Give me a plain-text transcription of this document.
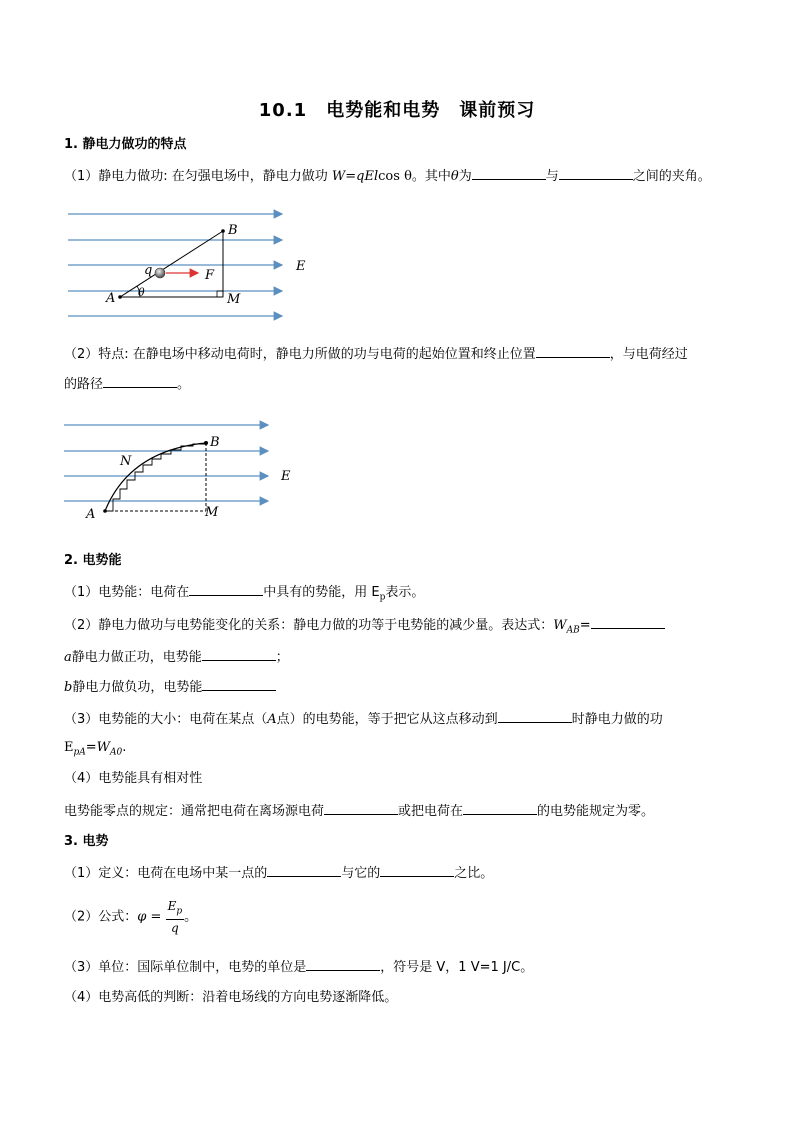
10.1　电势能和电势　课前预习
1. 静电力做功的特点
（1）静电力做功: 在匀强电场中，静电力做功 W=qElcos θ。其中θ为	与	之间的夹角。
B
q	F
E
A θ	M
（2）特点: 在静电场中移动电荷时，静电力所做的功与电荷的起始位置和终止位置	，与电荷经过
的路径	。
B
N
E
A	M
2. 电势能
（1）电势能：电荷在	中具有的势能，用 $E_p$表示。
（2）静电力做功与电势能变化的关系：静电力做的功等于电势能的减少量。表达式：$W_{AB}=$
a静电力做正功，电势能	；
b静电力做负功，电势能
（3）电势能的大小：电荷在某点（A点）的电势能，等于把它从这点移动到	时静电力做的功
$E_{pA}=W_{A0}$.
（4）电势能具有相对性
电势能零点的规定：通常把电荷在离场源电荷	或把电荷在	的电势能规定为零。
3. 电势
（1）定义：电荷在电场中某一点的	与它的	之比。
（2）公式：$\varphi = \frac{E_p}{q}$ 。
（3）单位：国际单位制中，电势的单位是	，符号是 V，1 V=1 J/C。
（4）电势高低的判断：沿着电场线的方向电势逐渐降低。
